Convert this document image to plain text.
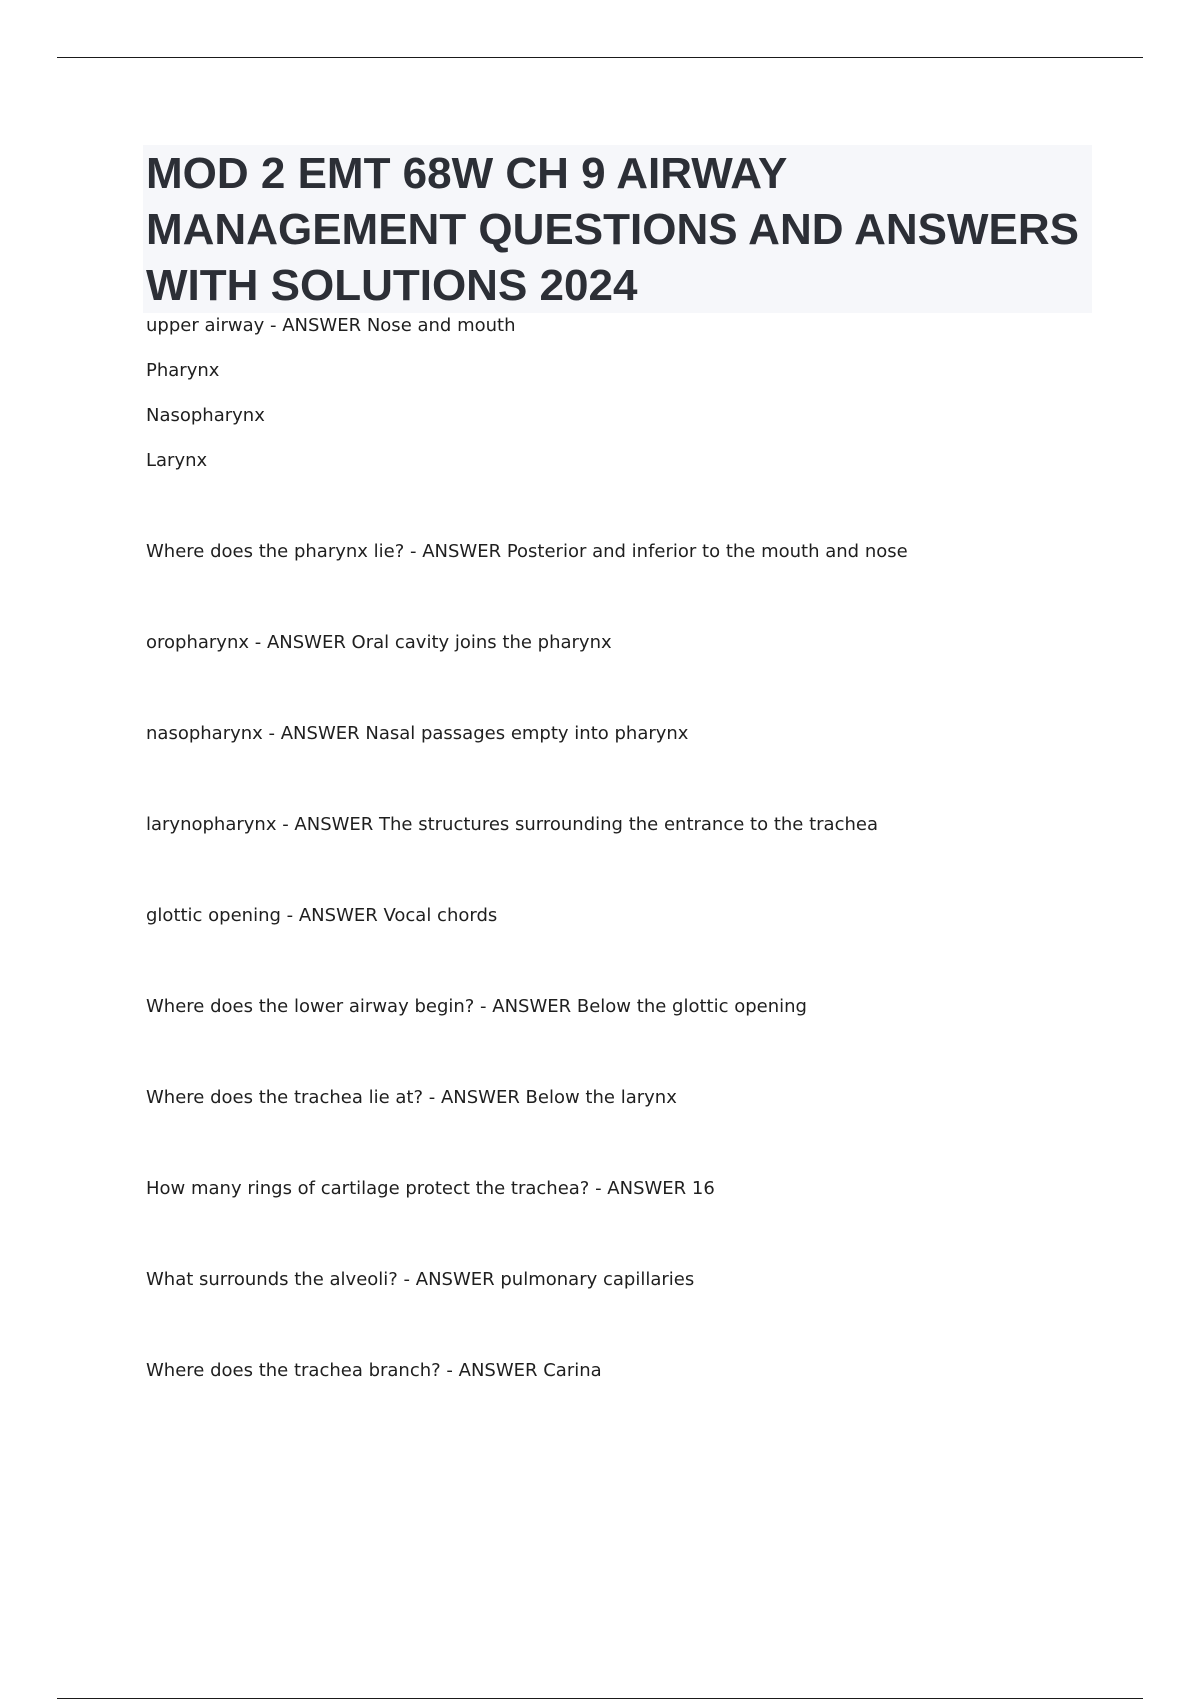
MOD 2 EMT 68W CH 9 AIRWAY MANAGEMENT QUESTIONS AND ANSWERS WITH SOLUTIONS 2024
upper airway - ANSWER Nose and mouth
Pharynx
Nasopharynx
Larynx
Where does the pharynx lie? - ANSWER Posterior and inferior to the mouth and nose
oropharynx - ANSWER Oral cavity joins the pharynx
nasopharynx - ANSWER Nasal passages empty into pharynx
larynopharynx - ANSWER The structures surrounding the entrance to the trachea
glottic opening - ANSWER Vocal chords
Where does the lower airway begin? - ANSWER Below the glottic opening
Where does the trachea lie at? - ANSWER Below the larynx
How many rings of cartilage protect the trachea? - ANSWER 16
What surrounds the alveoli? - ANSWER pulmonary capillaries
Where does the trachea branch? - ANSWER Carina
